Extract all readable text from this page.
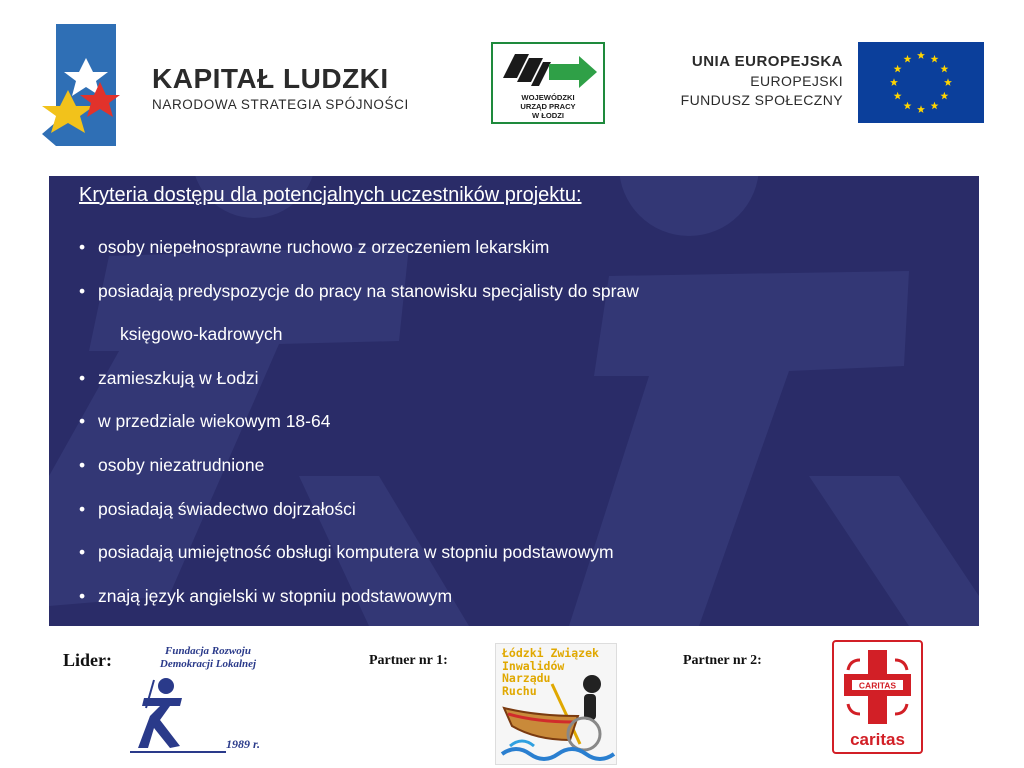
KAPITAŁ LUDZKI
NARODOWA STRATEGIA SPÓJNOŚCI	WOJEWÓDZKI
URZĄD PRACY
W ŁODZI
UNIA EUROPEJSKA
EUROPEJSKI
FUNDUSZ SPOŁECZNY
Kryteria dostępu dla potencjalnych uczestników projektu:
• osoby niepełnosprawne ruchowo z orzeczeniem lekarskim
• posiadają predyspozycje do pracy na stanowisku specjalisty do spraw
księgowo-kadrowych
• zamieszkują w Łodzi
• w przedziale wiekowym 18-64
• osoby niezatrudnione
• posiadają świadectwo dojrzałości
• posiadają umiejętność obsługi komputera w stopniu podstawowym
• znają język angielski w stopniu podstawowym
Lider:	Fundacja Rozwoju
Demokracji Lokalnej
1989 r.
Partner nr 1:	Łódzki Związek
Inwalidów
Narządu
Ruchu
Partner nr 2:
CARITAS
caritas
